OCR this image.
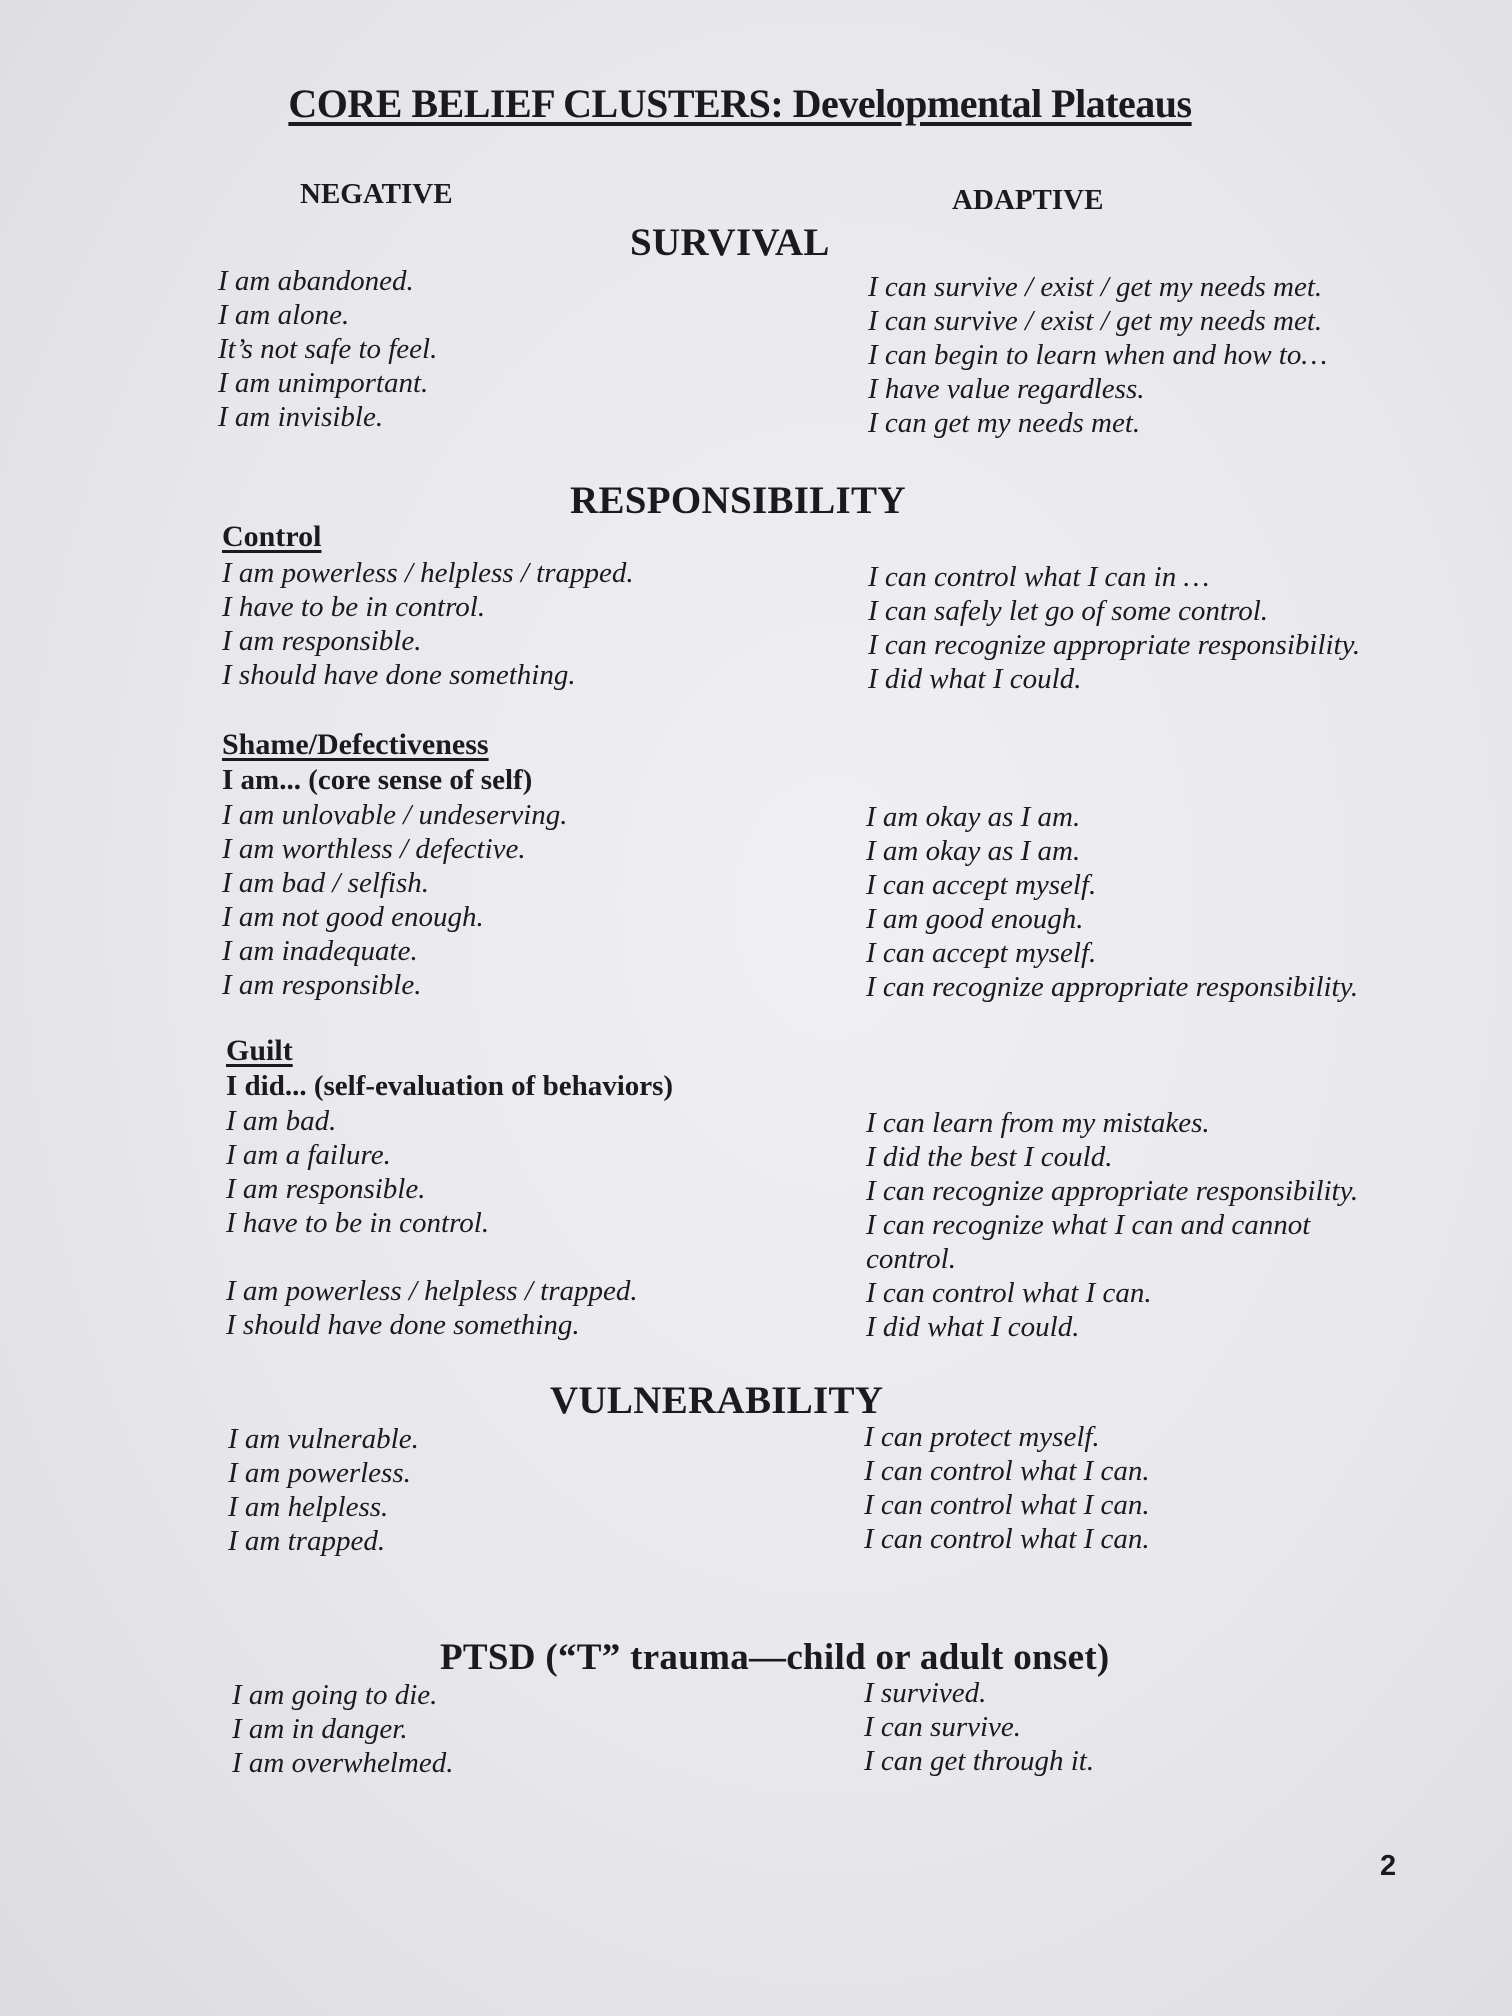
CORE BELIEF CLUSTERS: Developmental Plateaus
NEGATIVE	ADAPTIVE
SURVIVAL
I am abandoned.
I am alone.
It’s not safe to feel.
I am unimportant.
I am invisible.
I can survive / exist / get my needs met.
I can survive / exist / get my needs met.
I can begin to learn when and how to…
I have value regardless.
I can get my needs met.
RESPONSIBILITY
Control
I am powerless / helpless / trapped.
I have to be in control.
I am responsible.
I should have done something.
I can control what I can in …
I can safely let go of some control.
I can recognize appropriate responsibility.
I did what I could.
Shame/Defectiveness
I am... (core sense of self)
I am unlovable / undeserving.
I am worthless / defective.
I am bad / selfish.
I am not good enough.
I am inadequate.
I am responsible.
I am okay as I am.
I am okay as I am.
I can accept myself.
I am good enough.
I can accept myself.
I can recognize appropriate responsibility.
Guilt
I did... (self-evaluation of behaviors)
I am bad.
I am a failure.
I am responsible.
I have to be in control.
I am powerless / helpless / trapped.
I should have done something.
I can learn from my mistakes.
I did the best I could.
I can recognize appropriate responsibility.
I can recognize what I can and cannot control.
I can control what I can.
I did what I could.
VULNERABILITY
I am vulnerable.
I am powerless.
I am helpless.
I am trapped.
I can protect myself.
I can control what I can.
I can control what I can.
I can control what I can.
PTSD (“T” trauma—child or adult onset)
I am going to die.
I am in danger.
I am overwhelmed.
I survived.
I can survive.
I can get through it.
2
